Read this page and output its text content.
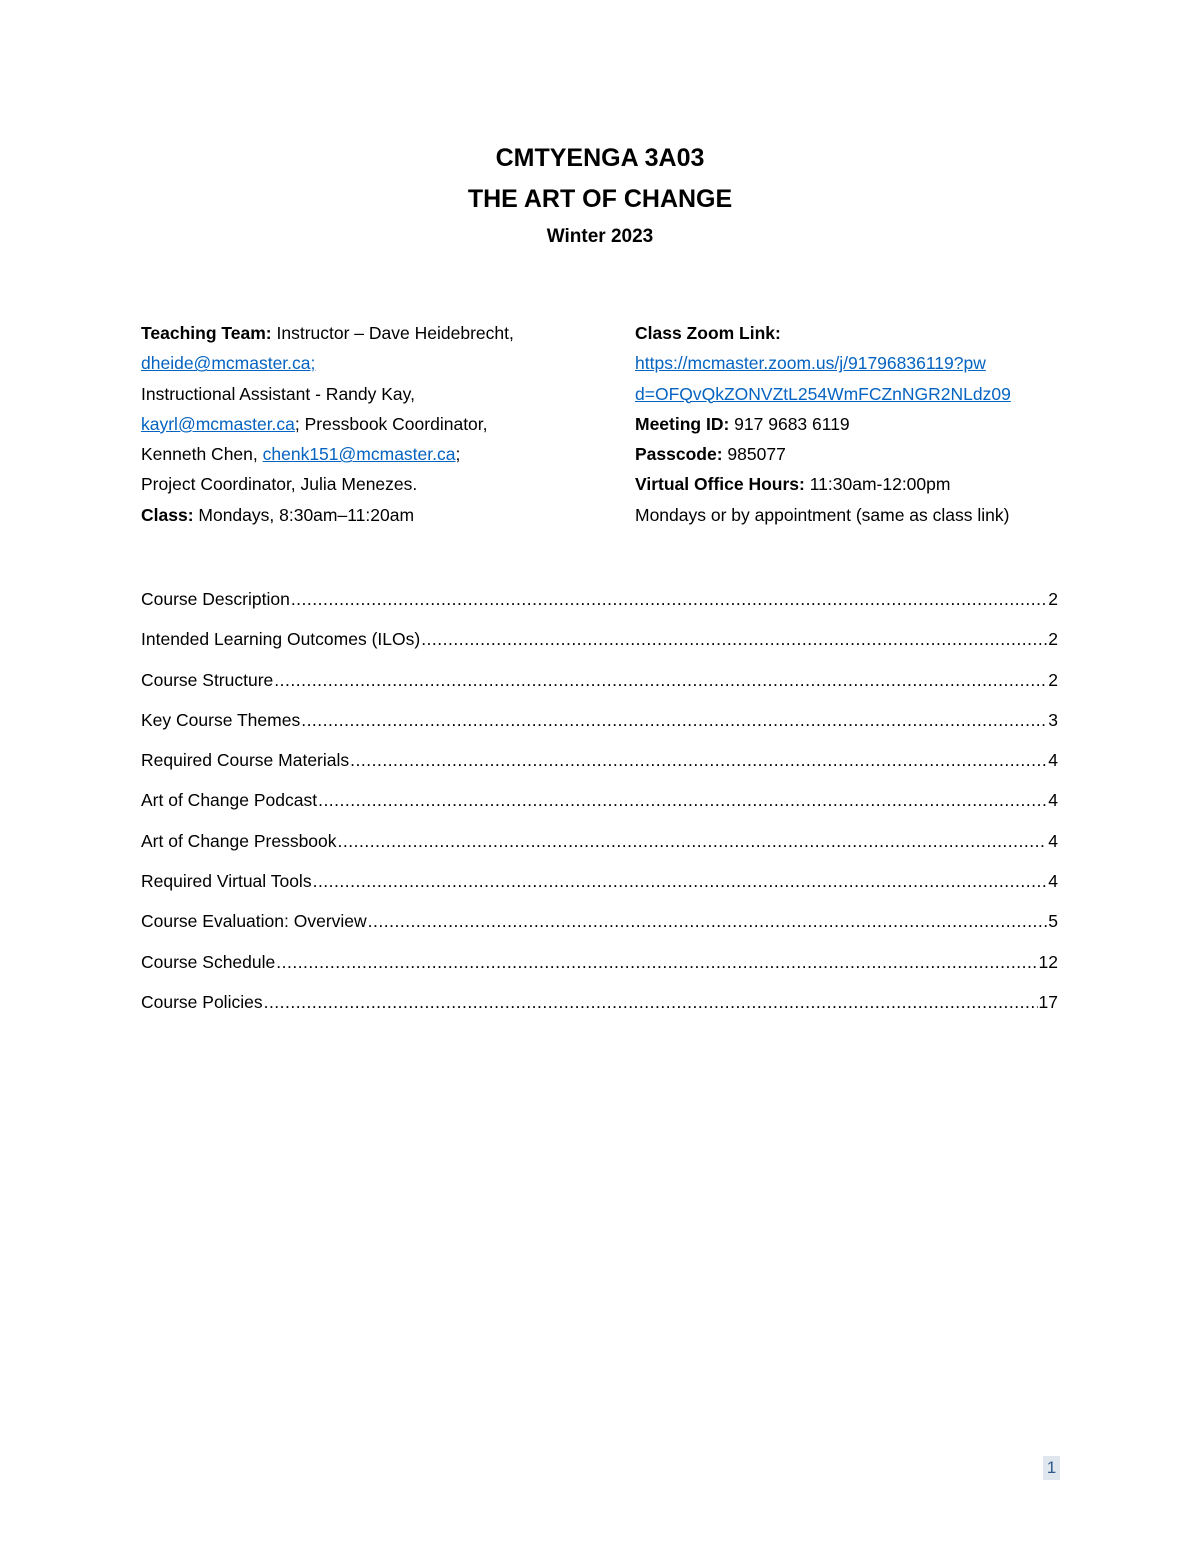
CMTYENGA 3A03
THE ART OF CHANGE
Winter 2023
Teaching Team: Instructor – Dave Heidebrecht,
dheide@mcmaster.ca;
Instructional Assistant - Randy Kay,
kayrl@mcmaster.ca; Pressbook Coordinator,
Kenneth Chen, chenk151@mcmaster.ca;
Project Coordinator, Julia Menezes.
Class: Mondays, 8:30am–11:20am
Class Zoom Link:
https://mcmaster.zoom.us/j/91796836119?pw
d=OFQvQkZONVZtL254WmFCZnNGR2NLdz09
Meeting ID: 917 9683 6119
Passcode: 985077
Virtual Office Hours: 11:30am-12:00pm
Mondays or by appointment (same as class link)
Course Description .....	2
Intended Learning Outcomes (ILOs) .....	2
Course Structure .....	2
Key Course Themes .....	3
Required Course Materials .....	4
Art of Change Podcast .....	4
Art of Change Pressbook .....	4
Required Virtual Tools .....	4
Course Evaluation: Overview .....	5
Course Schedule .....	12
Course Policies .....	17
1
